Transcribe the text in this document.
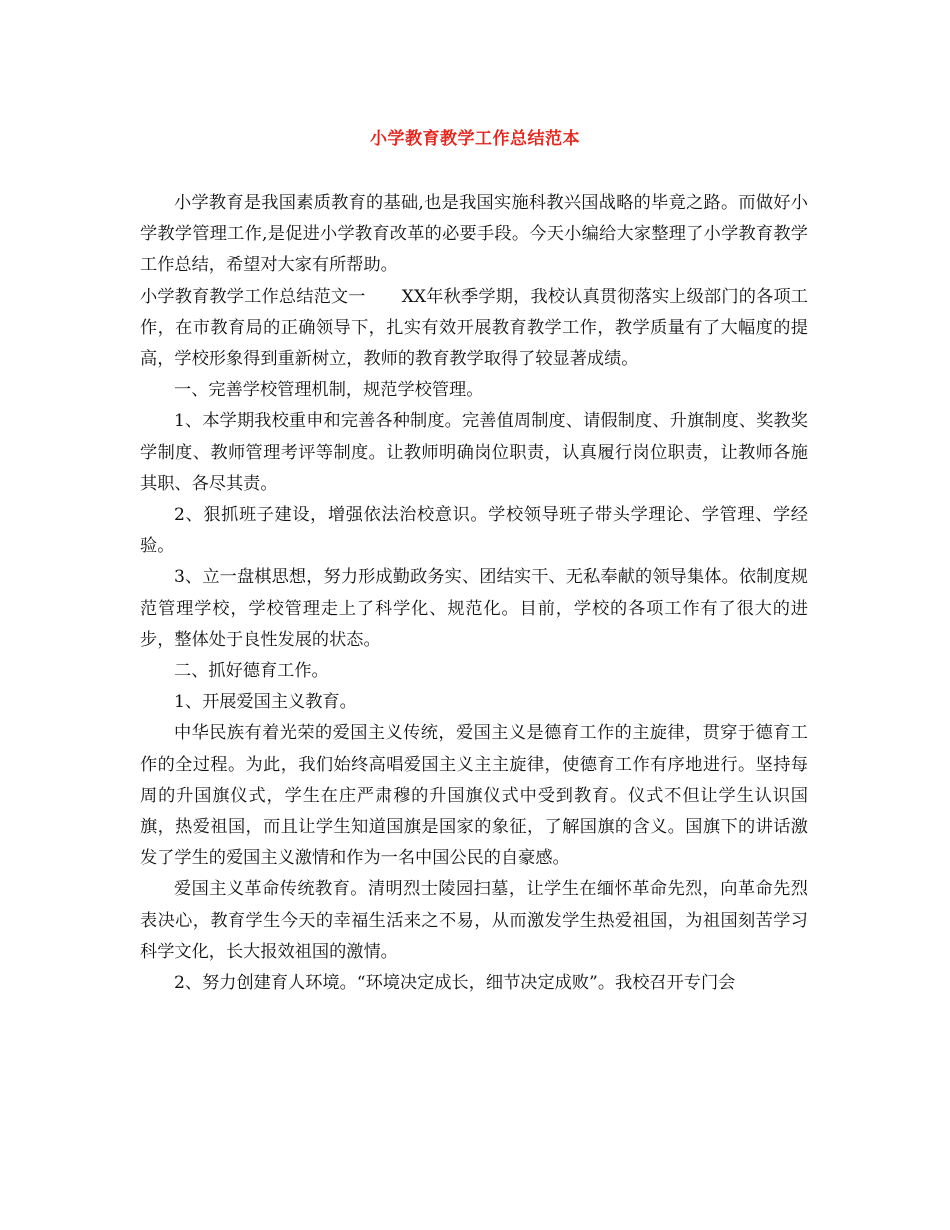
小学教育教学工作总结范本

小学教育是我国素质教育的基础,也是我国实施科教兴国战略的毕竟之路。而做好小学教学管理工作,是促进小学教育改革的必要手段。今天小编给大家整理了小学教育教学工作总结，希望对大家有所帮助。

小学教育教学工作总结范文一 XX年秋季学期，我校认真贯彻落实上级部门的各项工作，在市教育局的正确领导下，扎实有效开展教育教学工作，教学质量有了大幅度的提高，学校形象得到重新树立，教师的教育教学取得了较显著成绩。

一、完善学校管理机制，规范学校管理。

1、本学期我校重申和完善各种制度。完善值周制度、请假制度、升旗制度、奖教奖学制度、教师管理考评等制度。让教师明确岗位职责，认真履行岗位职责，让教师各施其职、各尽其责。

2、狠抓班子建设，增强依法治校意识。学校领导班子带头学理论、学管理、学经验。

3、立一盘棋思想，努力形成勤政务实、团结实干、无私奉献的领导集体。依制度规范管理学校，学校管理走上了科学化、规范化。目前，学校的各项工作有了很大的进步，整体处于良性发展的状态。

二、抓好德育工作。

1、开展爱国主义教育。

中华民族有着光荣的爱国主义传统，爱国主义是德育工作的主旋律，贯穿于德育工作的全过程。为此，我们始终高唱爱国主义主主旋律，使德育工作有序地进行。坚持每周的升国旗仪式，学生在庄严肃穆的升国旗仪式中受到教育。仪式不但让学生认识国旗，热爱祖国，而且让学生知道国旗是国家的象征，了解国旗的含义。国旗下的讲话激发了学生的爱国主义激情和作为一名中国公民的自豪感。

爱国主义革命传统教育。清明烈士陵园扫墓，让学生在缅怀革命先烈，向革命先烈表决心，教育学生今天的幸福生活来之不易，从而激发学生热爱祖国，为祖国刻苦学习科学文化，长大报效祖国的激情。

2、努力创建育人环境。“环境决定成长，细节决定成败”。我校召开专门会
